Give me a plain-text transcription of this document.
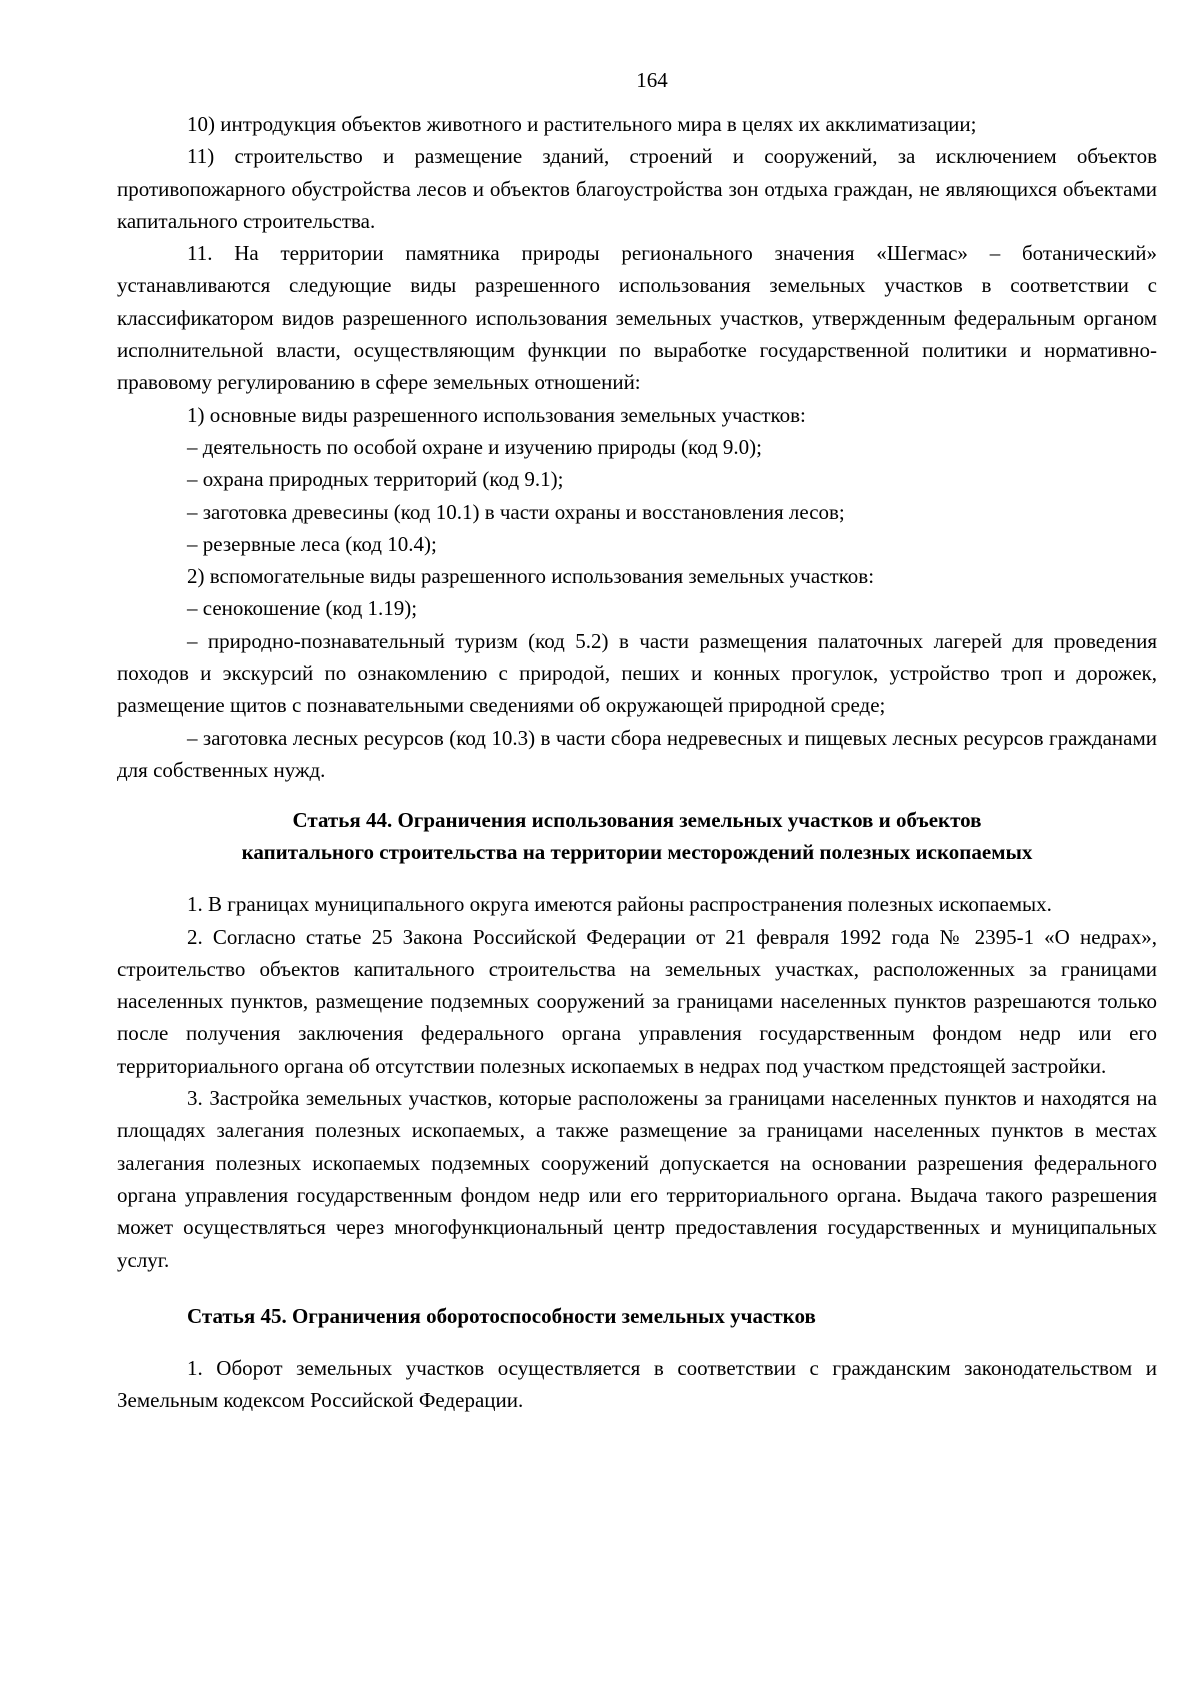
164

10) интродукция объектов животного и растительного мира в целях их акклиматизации;

11) строительство и размещение зданий, строений и сооружений, за исключением объектов противопожарного обустройства лесов и объектов благоустройства зон отдыха граждан, не являющихся объектами капитального строительства.

11. На территории памятника природы регионального значения «Шегмас» – ботанический» устанавливаются следующие виды разрешенного использования земельных участков в соответствии с классификатором видов разрешенного использования земельных участков, утвержденным федеральным органом исполнительной власти, осуществляющим функции по выработке государственной политики и нормативно-правовому регулированию в сфере земельных отношений:

1) основные виды разрешенного использования земельных участков:

– деятельность по особой охране и изучению природы (код 9.0);

– охрана природных территорий (код 9.1);

– заготовка древесины (код 10.1) в части охраны и восстановления лесов;

– резервные леса (код 10.4);

2) вспомогательные виды разрешенного использования земельных участков:

– сенокошение (код 1.19);

– природно-познавательный туризм (код 5.2) в части размещения палаточных лагерей для проведения походов и экскурсий по ознакомлению с природой, пеших и конных прогулок, устройство троп и дорожек, размещение щитов с познавательными сведениями об окружающей природной среде;

– заготовка лесных ресурсов (код 10.3) в части сбора недревесных и пищевых лесных ресурсов гражданами для собственных нужд.

Статья 44. Ограничения использования земельных участков и объектов
капитального строительства на территории месторождений полезных ископаемых

1. В границах муниципального округа имеются районы распространения полезных ископаемых.

2. Согласно статье 25 Закона Российской Федерации от 21 февраля 1992 года № 2395-1 «О недрах», строительство объектов капитального строительства на земельных участках, расположенных за границами населенных пунктов, размещение подземных сооружений за границами населенных пунктов разрешаются только после получения заключения федерального органа управления государственным фондом недр или его территориального органа об отсутствии полезных ископаемых в недрах под участком предстоящей застройки.

3. Застройка земельных участков, которые расположены за границами населенных пунктов и находятся на площадях залегания полезных ископаемых, а также размещение за границами населенных пунктов в местах залегания полезных ископаемых подземных сооружений допускается на основании разрешения федерального органа управления государственным фондом недр или его территориального органа. Выдача такого разрешения может осуществляться через многофункциональный центр предоставления государственных и муниципальных услуг.

Статья 45. Ограничения оборотоспособности земельных участков

1. Оборот земельных участков осуществляется в соответствии с гражданским законодательством и Земельным кодексом Российской Федерации.
